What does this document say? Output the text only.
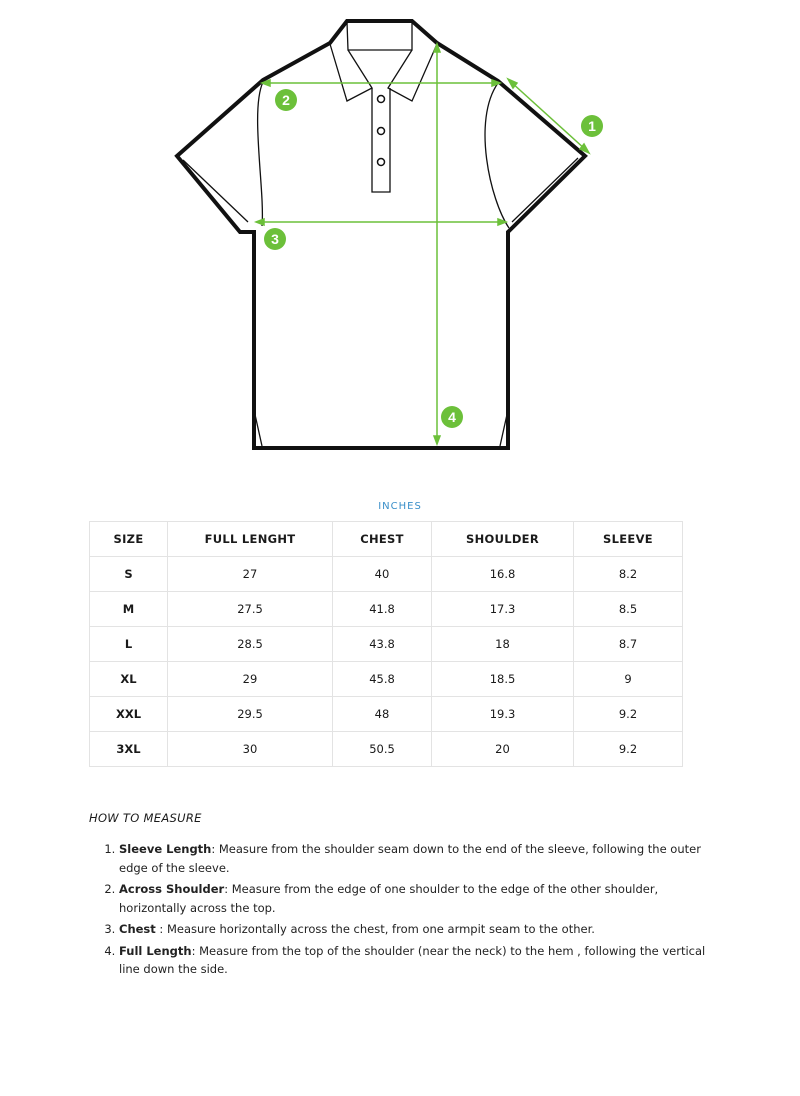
1
2
3
4
INCHES
SIZE	FULL LENGHT	CHEST	SHOULDER	SLEEVE
S	27	40	16.8	8.2
M	27.5	41.8	17.3	8.5
L	28.5	43.8	18	8.7
XL	29	45.8	18.5	9
XXL	29.5	48	19.3	9.2
3XL	30	50.5	20	9.2
HOW TO MEASURE
1. Sleeve Length: Measure from the shoulder seam down to the end of the sleeve, following the outer edge of the sleeve.
2. Across Shoulder: Measure from the edge of one shoulder to the edge of the other shoulder, horizontally across the top.
3. Chest : Measure horizontally across the chest, from one armpit seam to the other.
4. Full Length: Measure from the top of the shoulder (near the neck) to the hem , following the vertical line down the side.
